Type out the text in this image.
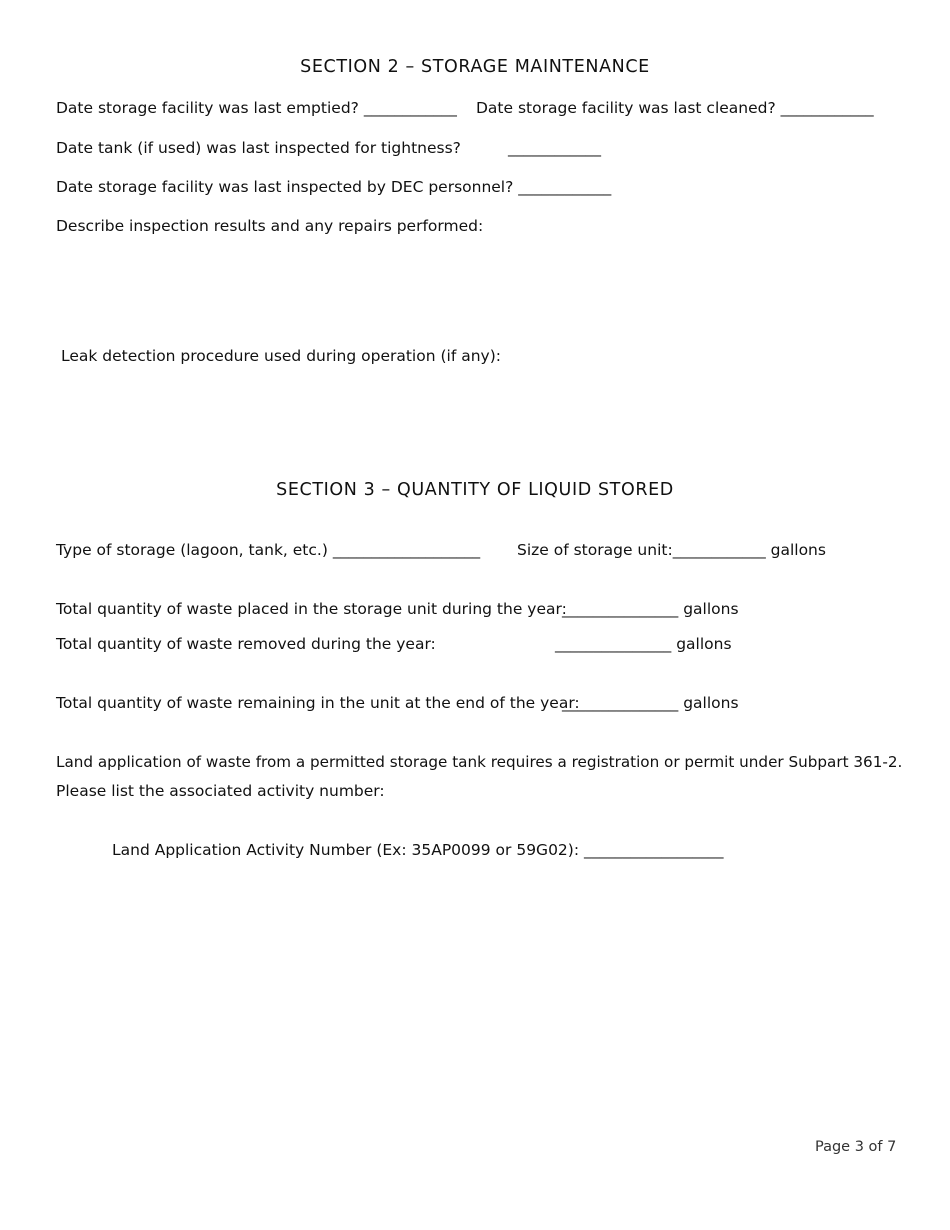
SECTION 2 – STORAGE MAINTENANCE
Date storage facility was last emptied? ____________ Date storage facility was last cleaned? ____________
Date tank (if used) was last inspected for tightness?	____________
Date storage facility was last inspected by DEC personnel? ____________
Describe inspection results and any repairs performed:
Leak detection procedure used during operation (if any):
SECTION 3 – QUANTITY OF LIQUID STORED
Type of storage (lagoon, tank, etc.) ___________________ Size of storage unit:____________ gallons
Total quantity of waste placed in the storage unit during the year:
_______________ gallons
Total quantity of waste removed during the year:	_______________ gallons
Total quantity of waste remaining in the unit at the end of the year:
_______________ gallons
Land application of waste from a permitted storage tank requires a registration or permit under Subpart 361-2.
Please list the associated activity number:
Land Application Activity Number (Ex: 35AP0099 or 59G02): __________________
Page 3 of 7
